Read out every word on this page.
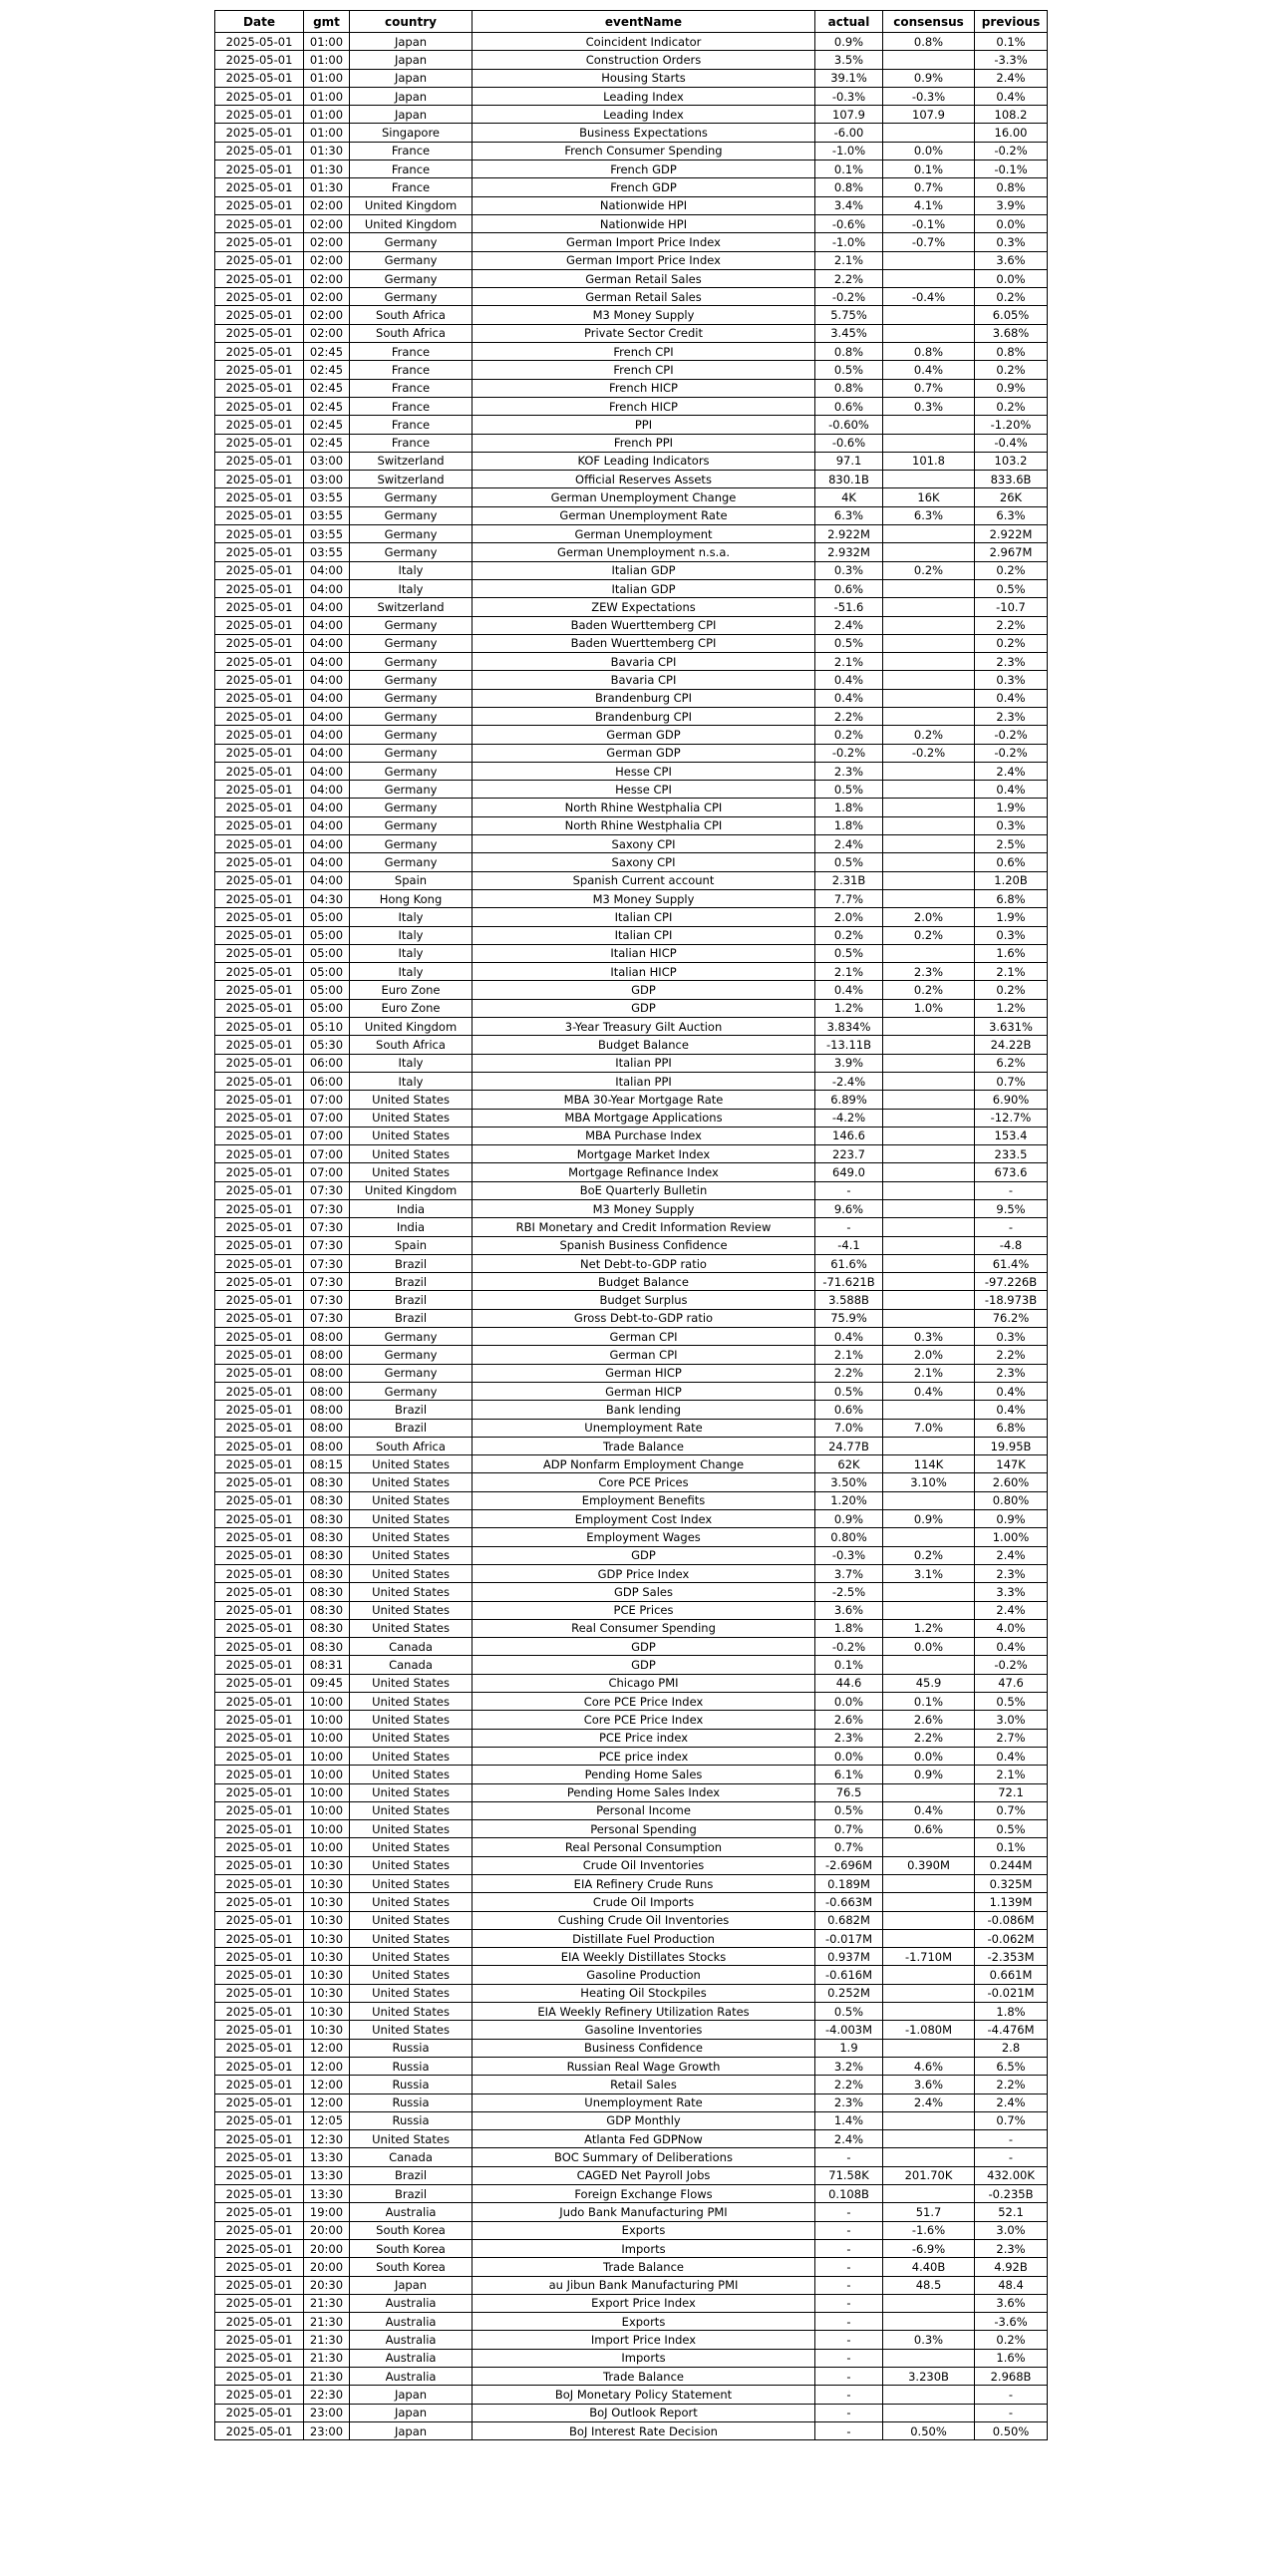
Date	gmt	country	eventName	actual	consensus	previous
2025-05-01	01:00	Japan	Coincident Indicator	0.9%	0.8%	0.1%
2025-05-01	01:00	Japan	Construction Orders	3.5%		-3.3%
2025-05-01	01:00	Japan	Housing Starts	39.1%	0.9%	2.4%
2025-05-01	01:00	Japan	Leading Index	-0.3%	-0.3%	0.4%
2025-05-01	01:00	Japan	Leading Index	107.9	107.9	108.2
2025-05-01	01:00	Singapore	Business Expectations	-6.00		16.00
2025-05-01	01:30	France	French Consumer Spending	-1.0%	0.0%	-0.2%
2025-05-01	01:30	France	French GDP	0.1%	0.1%	-0.1%
2025-05-01	01:30	France	French GDP	0.8%	0.7%	0.8%
2025-05-01	02:00	United Kingdom	Nationwide HPI	3.4%	4.1%	3.9%
2025-05-01	02:00	United Kingdom	Nationwide HPI	-0.6%	-0.1%	0.0%
2025-05-01	02:00	Germany	German Import Price Index	-1.0%	-0.7%	0.3%
2025-05-01	02:00	Germany	German Import Price Index	2.1%		3.6%
2025-05-01	02:00	Germany	German Retail Sales	2.2%		0.0%
2025-05-01	02:00	Germany	German Retail Sales	-0.2%	-0.4%	0.2%
2025-05-01	02:00	South Africa	M3 Money Supply	5.75%		6.05%
2025-05-01	02:00	South Africa	Private Sector Credit	3.45%		3.68%
2025-05-01	02:45	France	French CPI	0.8%	0.8%	0.8%
2025-05-01	02:45	France	French CPI	0.5%	0.4%	0.2%
2025-05-01	02:45	France	French HICP	0.8%	0.7%	0.9%
2025-05-01	02:45	France	French HICP	0.6%	0.3%	0.2%
2025-05-01	02:45	France	PPI	-0.60%		-1.20%
2025-05-01	02:45	France	French PPI	-0.6%		-0.4%
2025-05-01	03:00	Switzerland	KOF Leading Indicators	97.1	101.8	103.2
2025-05-01	03:00	Switzerland	Official Reserves Assets	830.1B		833.6B
2025-05-01	03:55	Germany	German Unemployment Change	4K	16K	26K
2025-05-01	03:55	Germany	German Unemployment Rate	6.3%	6.3%	6.3%
2025-05-01	03:55	Germany	German Unemployment	2.922M		2.922M
2025-05-01	03:55	Germany	German Unemployment n.s.a.	2.932M		2.967M
2025-05-01	04:00	Italy	Italian GDP	0.3%	0.2%	0.2%
2025-05-01	04:00	Italy	Italian GDP	0.6%		0.5%
2025-05-01	04:00	Switzerland	ZEW Expectations	-51.6		-10.7
2025-05-01	04:00	Germany	Baden Wuerttemberg CPI	2.4%		2.2%
2025-05-01	04:00	Germany	Baden Wuerttemberg CPI	0.5%		0.2%
2025-05-01	04:00	Germany	Bavaria CPI	2.1%		2.3%
2025-05-01	04:00	Germany	Bavaria CPI	0.4%		0.3%
2025-05-01	04:00	Germany	Brandenburg CPI	0.4%		0.4%
2025-05-01	04:00	Germany	Brandenburg CPI	2.2%		2.3%
2025-05-01	04:00	Germany	German GDP	0.2%	0.2%	-0.2%
2025-05-01	04:00	Germany	German GDP	-0.2%	-0.2%	-0.2%
2025-05-01	04:00	Germany	Hesse CPI	2.3%		2.4%
2025-05-01	04:00	Germany	Hesse CPI	0.5%		0.4%
2025-05-01	04:00	Germany	North Rhine Westphalia CPI	1.8%		1.9%
2025-05-01	04:00	Germany	North Rhine Westphalia CPI	1.8%		0.3%
2025-05-01	04:00	Germany	Saxony CPI	2.4%		2.5%
2025-05-01	04:00	Germany	Saxony CPI	0.5%		0.6%
2025-05-01	04:00	Spain	Spanish Current account	2.31B		1.20B
2025-05-01	04:30	Hong Kong	M3 Money Supply	7.7%		6.8%
2025-05-01	05:00	Italy	Italian CPI	2.0%	2.0%	1.9%
2025-05-01	05:00	Italy	Italian CPI	0.2%	0.2%	0.3%
2025-05-01	05:00	Italy	Italian HICP	0.5%		1.6%
2025-05-01	05:00	Italy	Italian HICP	2.1%	2.3%	2.1%
2025-05-01	05:00	Euro Zone	GDP	0.4%	0.2%	0.2%
2025-05-01	05:00	Euro Zone	GDP	1.2%	1.0%	1.2%
2025-05-01	05:10	United Kingdom	3-Year Treasury Gilt Auction	3.834%		3.631%
2025-05-01	05:30	South Africa	Budget Balance	-13.11B		24.22B
2025-05-01	06:00	Italy	Italian PPI	3.9%		6.2%
2025-05-01	06:00	Italy	Italian PPI	-2.4%		0.7%
2025-05-01	07:00	United States	MBA 30-Year Mortgage Rate	6.89%		6.90%
2025-05-01	07:00	United States	MBA Mortgage Applications	-4.2%		-12.7%
2025-05-01	07:00	United States	MBA Purchase Index	146.6		153.4
2025-05-01	07:00	United States	Mortgage Market Index	223.7		233.5
2025-05-01	07:00	United States	Mortgage Refinance Index	649.0		673.6
2025-05-01	07:30	United Kingdom	BoE Quarterly Bulletin	-		-
2025-05-01	07:30	India	M3 Money Supply	9.6%		9.5%
2025-05-01	07:30	India	RBI Monetary and Credit Information Review	-		-
2025-05-01	07:30	Spain	Spanish Business Confidence	-4.1		-4.8
2025-05-01	07:30	Brazil	Net Debt-to-GDP ratio	61.6%		61.4%
2025-05-01	07:30	Brazil	Budget Balance	-71.621B		-97.226B
2025-05-01	07:30	Brazil	Budget Surplus	3.588B		-18.973B
2025-05-01	07:30	Brazil	Gross Debt-to-GDP ratio	75.9%		76.2%
2025-05-01	08:00	Germany	German CPI	0.4%	0.3%	0.3%
2025-05-01	08:00	Germany	German CPI	2.1%	2.0%	2.2%
2025-05-01	08:00	Germany	German HICP	2.2%	2.1%	2.3%
2025-05-01	08:00	Germany	German HICP	0.5%	0.4%	0.4%
2025-05-01	08:00	Brazil	Bank lending	0.6%		0.4%
2025-05-01	08:00	Brazil	Unemployment Rate	7.0%	7.0%	6.8%
2025-05-01	08:00	South Africa	Trade Balance	24.77B		19.95B
2025-05-01	08:15	United States	ADP Nonfarm Employment Change	62K	114K	147K
2025-05-01	08:30	United States	Core PCE Prices	3.50%	3.10%	2.60%
2025-05-01	08:30	United States	Employment Benefits	1.20%		0.80%
2025-05-01	08:30	United States	Employment Cost Index	0.9%	0.9%	0.9%
2025-05-01	08:30	United States	Employment Wages	0.80%		1.00%
2025-05-01	08:30	United States	GDP	-0.3%	0.2%	2.4%
2025-05-01	08:30	United States	GDP Price Index	3.7%	3.1%	2.3%
2025-05-01	08:30	United States	GDP Sales	-2.5%		3.3%
2025-05-01	08:30	United States	PCE Prices	3.6%		2.4%
2025-05-01	08:30	United States	Real Consumer Spending	1.8%	1.2%	4.0%
2025-05-01	08:30	Canada	GDP	-0.2%	0.0%	0.4%
2025-05-01	08:31	Canada	GDP	0.1%		-0.2%
2025-05-01	09:45	United States	Chicago PMI	44.6	45.9	47.6
2025-05-01	10:00	United States	Core PCE Price Index	0.0%	0.1%	0.5%
2025-05-01	10:00	United States	Core PCE Price Index	2.6%	2.6%	3.0%
2025-05-01	10:00	United States	PCE Price index	2.3%	2.2%	2.7%
2025-05-01	10:00	United States	PCE price index	0.0%	0.0%	0.4%
2025-05-01	10:00	United States	Pending Home Sales	6.1%	0.9%	2.1%
2025-05-01	10:00	United States	Pending Home Sales Index	76.5		72.1
2025-05-01	10:00	United States	Personal Income	0.5%	0.4%	0.7%
2025-05-01	10:00	United States	Personal Spending	0.7%	0.6%	0.5%
2025-05-01	10:00	United States	Real Personal Consumption	0.7%		0.1%
2025-05-01	10:30	United States	Crude Oil Inventories	-2.696M	0.390M	0.244M
2025-05-01	10:30	United States	EIA Refinery Crude Runs	0.189M		0.325M
2025-05-01	10:30	United States	Crude Oil Imports	-0.663M		1.139M
2025-05-01	10:30	United States	Cushing Crude Oil Inventories	0.682M		-0.086M
2025-05-01	10:30	United States	Distillate Fuel Production	-0.017M		-0.062M
2025-05-01	10:30	United States	EIA Weekly Distillates Stocks	0.937M	-1.710M	-2.353M
2025-05-01	10:30	United States	Gasoline Production	-0.616M		0.661M
2025-05-01	10:30	United States	Heating Oil Stockpiles	0.252M		-0.021M
2025-05-01	10:30	United States	EIA Weekly Refinery Utilization Rates	0.5%		1.8%
2025-05-01	10:30	United States	Gasoline Inventories	-4.003M	-1.080M	-4.476M
2025-05-01	12:00	Russia	Business Confidence	1.9		2.8
2025-05-01	12:00	Russia	Russian Real Wage Growth	3.2%	4.6%	6.5%
2025-05-01	12:00	Russia	Retail Sales	2.2%	3.6%	2.2%
2025-05-01	12:00	Russia	Unemployment Rate	2.3%	2.4%	2.4%
2025-05-01	12:05	Russia	GDP Monthly	1.4%		0.7%
2025-05-01	12:30	United States	Atlanta Fed GDPNow	2.4%		-
2025-05-01	13:30	Canada	BOC Summary of Deliberations	-		-
2025-05-01	13:30	Brazil	CAGED Net Payroll Jobs	71.58K	201.70K	432.00K
2025-05-01	13:30	Brazil	Foreign Exchange Flows	0.108B		-0.235B
2025-05-01	19:00	Australia	Judo Bank Manufacturing PMI	-	51.7	52.1
2025-05-01	20:00	South Korea	Exports	-	-1.6%	3.0%
2025-05-01	20:00	South Korea	Imports	-	-6.9%	2.3%
2025-05-01	20:00	South Korea	Trade Balance	-	4.40B	4.92B
2025-05-01	20:30	Japan	au Jibun Bank Manufacturing PMI	-	48.5	48.4
2025-05-01	21:30	Australia	Export Price Index	-		3.6%
2025-05-01	21:30	Australia	Exports	-		-3.6%
2025-05-01	21:30	Australia	Import Price Index	-	0.3%	0.2%
2025-05-01	21:30	Australia	Imports	-		1.6%
2025-05-01	21:30	Australia	Trade Balance	-	3.230B	2.968B
2025-05-01	22:30	Japan	BoJ Monetary Policy Statement	-		-
2025-05-01	23:00	Japan	BoJ Outlook Report	-		-
2025-05-01	23:00	Japan	BoJ Interest Rate Decision	-	0.50%	0.50%
